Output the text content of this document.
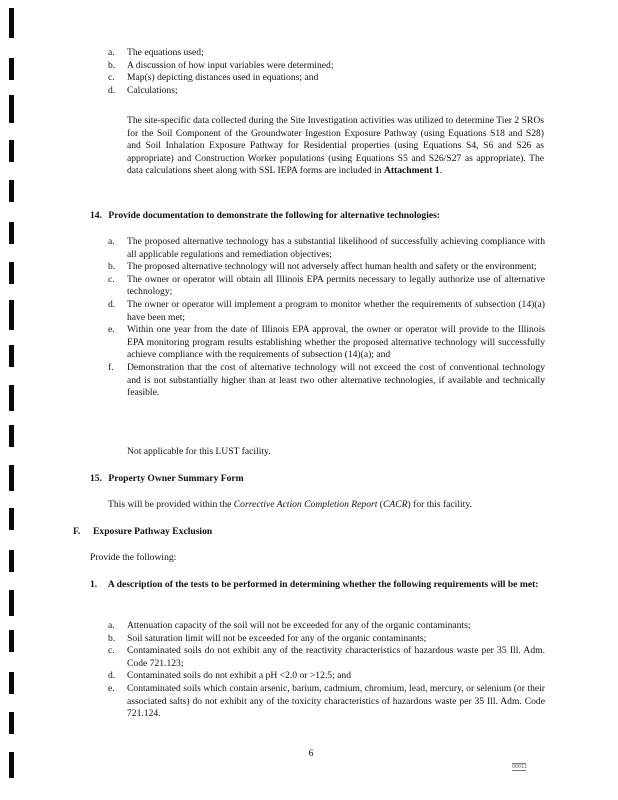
a.	The equations used;
b.	A discussion of how input variables were determined;
c.	Map(s) depicting distances used in equations; and
d.	Calculations;

The site-specific data collected during the Site Investigation activities was utilized to determine Tier 2 SROs for the Soil Component of the Groundwater Ingestion Exposure Pathway (using Equations S18 and S28) and Soil Inhalation Exposure Pathway for Residential properties (using Equations S4, S6 and S26 as appropriate) and Construction Worker populations (using Equations S5 and S26/S27 as appropriate). The data calculations sheet along with SSL IEPA forms are included in Attachment 1.

14. Provide documentation to demonstrate the following for alternative technologies:

a.	The proposed alternative technology has a substantial likelihood of successfully achieving compliance with all applicable regulations and remediation objectives;
b.	The proposed alternative technology will not adversely affect human health and safety or the environment;
c.	The owner or operator will obtain all Illinois EPA permits necessary to legally authorize use of alternative technology;
d.	The owner or operator will implement a program to monitor whether the requirements of subsection (14)(a) have been met;
e.	Within one year from the date of Illinois EPA approval, the owner or operator will provide to the Illinois EPA monitoring program results establishing whether the proposed alternative technology will successfully achieve compliance with the requirements of subsection (14)(a); and
f.	Demonstration that the cost of alternative technology will not exceed the cost of conventional technology and is not substantially higher than at least two other alternative technologies, if available and technically feasible.

Not applicable for this LUST facility.

15. Property Owner Summary Form

This will be provided within the Corrective Action Completion Report (CACR) for this facility.

F. Exposure Pathway Exclusion

Provide the following:

1. A description of the tests to be performed in determining whether the following requirements will be met:

a.	Attenuation capacity of the soil will not be exceeded for any of the organic contaminants;
b.	Soil saturation limit will not be exceeded for any of the organic contaminants;
c.	Contaminated soils do not exhibit any of the reactivity characteristics of hazardous waste per 35 Ill. Adm. Code 721.123;
d.	Contaminated soils do not exhibit a pH <2.0 or >12.5; and
e.	Contaminated soils which contain arsenic, barium, cadmium, chromium, lead, mercury, or selenium (or their associated salts) do not exhibit any of the toxicity characteristics of hazardous waste per 35 Ill. Adm. Code 721.124.
6
00011
